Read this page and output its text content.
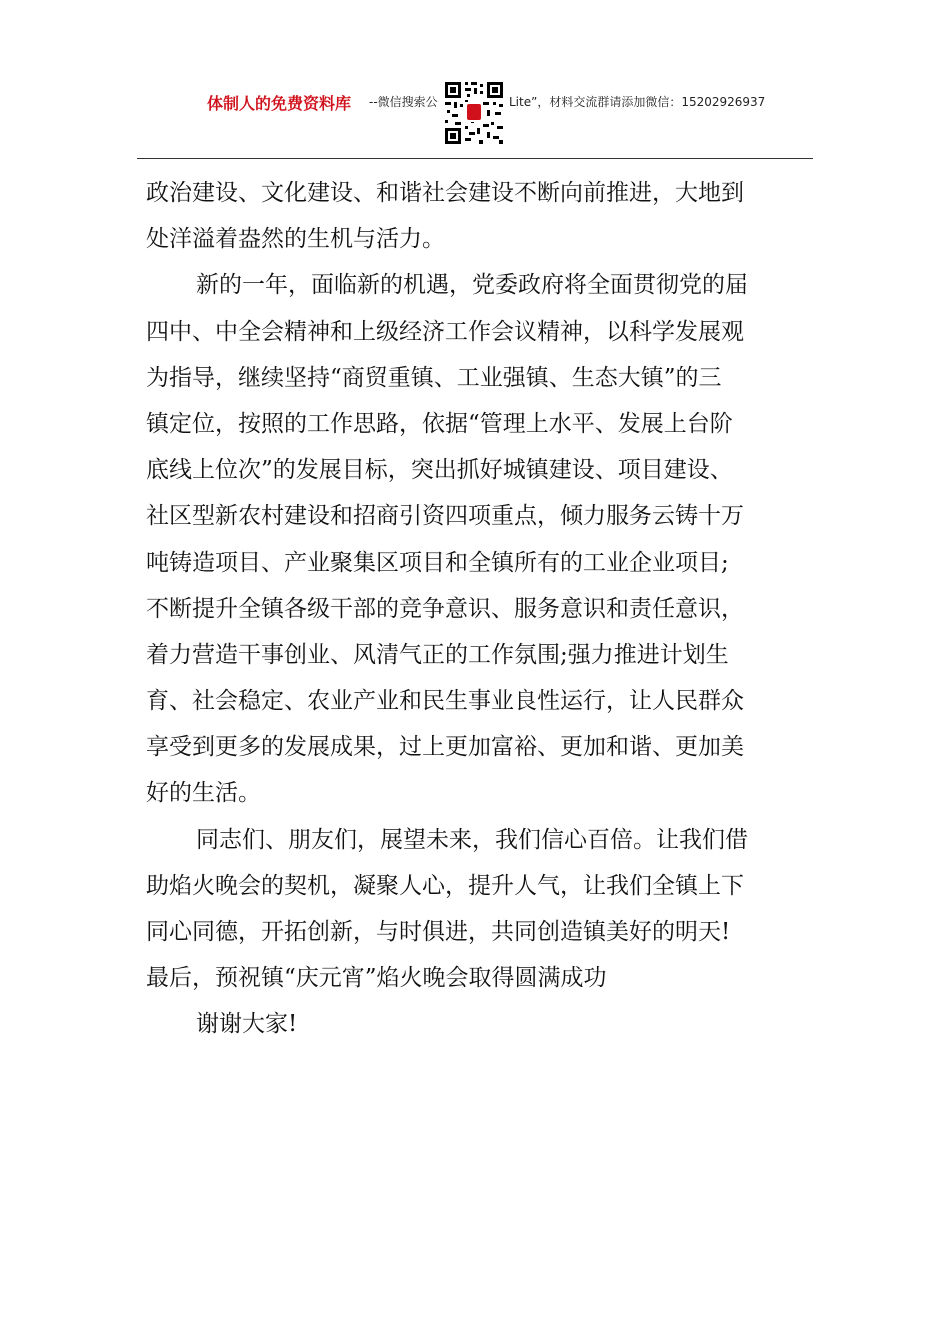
体制人的免费资料库 --微信搜索公	Lite”，材料交流群请添加微信：15202926937
政治建设、文化建设、和谐社会建设不断向前推进，大地到
处洋溢着盎然的生机与活力。
新的一年，面临新的机遇，党委政府将全面贯彻党的届
四中、中全会精神和上级经济工作会议精神，以科学发展观
为指导，继续坚持“商贸重镇、工业强镇、生态大镇”的三
镇定位，按照的工作思路，依据“管理上水平、发展上台阶
底线上位次”的发展目标，突出抓好城镇建设、项目建设、
社区型新农村建设和招商引资四项重点，倾力服务云铸十万
吨铸造项目、产业聚集区项目和全镇所有的工业企业项目;
不断提升全镇各级干部的竞争意识、服务意识和责任意识，
着力营造干事创业、风清气正的工作氛围;强力推进计划生
育、社会稳定、农业产业和民生事业良性运行，让人民群众
享受到更多的发展成果，过上更加富裕、更加和谐、更加美
好的生活。
同志们、朋友们，展望未来，我们信心百倍。让我们借
助焰火晚会的契机，凝聚人心，提升人气，让我们全镇上下
同心同德，开拓创新，与时俱进，共同创造镇美好的明天!
最后，预祝镇“庆元宵”焰火晚会取得圆满成功
谢谢大家!
